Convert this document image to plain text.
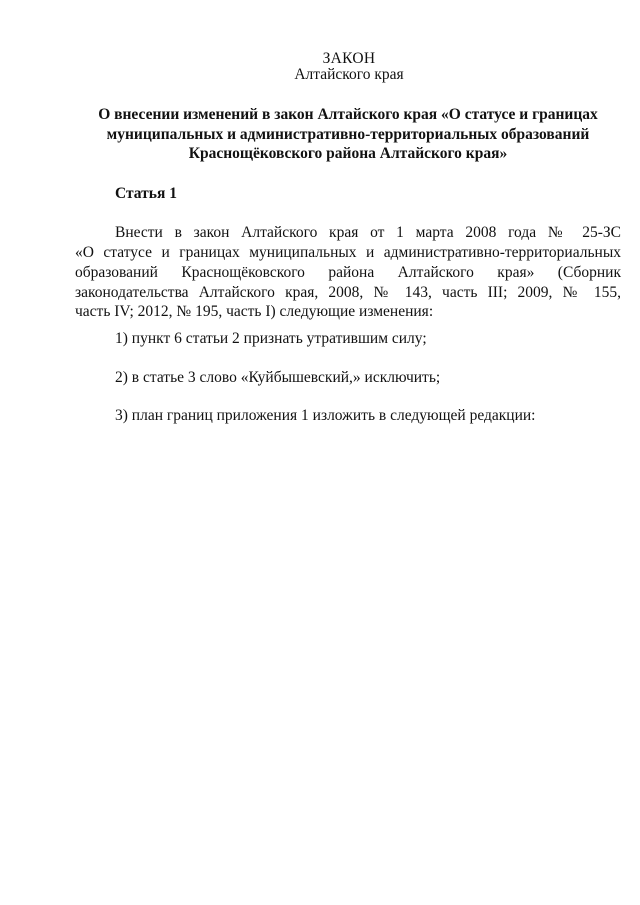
ЗАКОН
Алтайского края
О внесении изменений в закон Алтайского края «О статусе и границах
муниципальных и административно-территориальных образований
Краснощёковского района Алтайского края»
Статья 1
Внести в закон Алтайского края от 1 марта 2008 года № 25-ЗС
«О статусе и границах муниципальных и административно-территориальных
образований Краснощёковского района Алтайского края» (Сборник
законодательства Алтайского края, 2008, № 143, часть III; 2009, № 155,
часть IV; 2012, № 195, часть I) следующие изменения:
1) пункт 6 статьи 2 признать утратившим силу;
2) в статье 3 слово «Куйбышевский,» исключить;
3) план границ приложения 1 изложить в следующей редакции:
